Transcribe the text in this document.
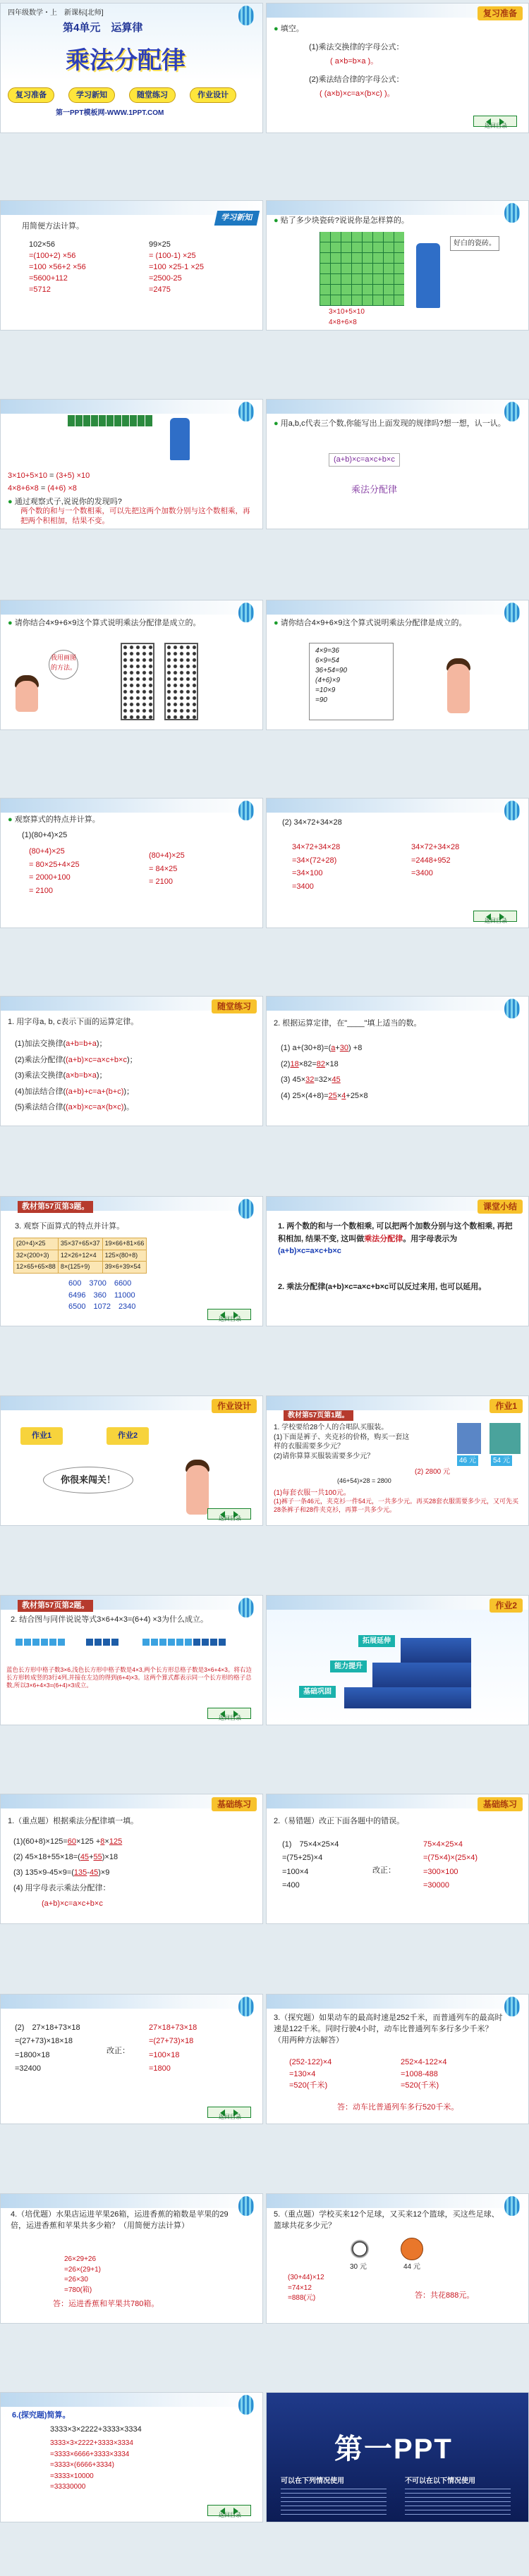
四年级数学・上　新课标[北师]
第4单元　运算律
乘法分配律
复习准备	学习新知	随堂练习	作业设计
第一PPT模板网-WWW.1PPT.COM
复习准备
● 填空。
(1)乘法交换律的字母公式：
( a×b=b×a )。
(2)乘法结合律的字母公式：
( (a×b)×c=a×(b×c) )。
返回目录
学习新知
用简便方法计算。
102×56
=(100+2) ×56
=100 ×56+2 ×56
=5600+112
=5712
99×25
= (100-1) ×25
=100 ×25-1 ×25
=2500-25
=2475
● 贴了多少块瓷砖?说说你是怎样算的。
好白的瓷砖。
3×10+5×10
4×8+6×8
3×10+5×10 = (3+5) ×10
4×8+6×8 = (4+6) ×8
● 通过观察式子,说说你的发现吗?
两个数的和与一个数相乘，可以先把这两个加数分别与这个数相乘，再把两个积相加，结果不变。
● 用a,b,c代表三个数,你能写出上面发现的规律吗?想一想，认一认。
(a+b)×c=a×c+b×c
乘法分配律
● 请你结合4×9+6×9这个算式说明乘法分配律是成立的。
我用画图的方法。
● 请你结合4×9+6×9这个算式说明乘法分配律是成立的。
4×9=36
6×9=54
36+54=90
(4+6)×9
=10×9
=90
● 观察算式的特点并计算。
(1)(80+4)×25
(80+4)×25
= 80×25+4×25
= 2000+100
= 2100
(80+4)×25
= 84×25
= 2100
(2) 34×72+34×28
34×72+34×28
=34×(72+28)
=34×100
=3400
34×72+34×28
=2448+952
=3400
返回目录
随堂练习
1. 用字母a, b, c表示下面的运算定律。
(1)加法交换律(a+b=b+a)；
(2)乘法分配律((a+b)×c=a×c+b×c)；
(3)乘法交换律(a×b=b×a)；
(4)加法结合律((a+b)+c=a+(b+c))；
(5)乘法结合律((a×b)×c=a×(b×c))。
2. 根据运算定律，在"____"填上适当的数。
(1) a+(30+8)=(a+30) +8
(2)18×82=82×18
(3) 45×32=32×45
(4) 25×(4+8)=25×4+25×8
教材第57页第3题。
3. 观察下面算式的特点并计算。
(20+4)×25	35×37+65×37	19×66+81×66
32×(200+3)	12×26+12×4	125×(80+8)
12×65+65×88	8×(125+9)	39×6+39×54
600　3700　6600
6496　360　11000
6500　1072　2340
返回目录
课堂小结
1. 两个数的和与一个数相乘, 可以把两个加数分别与这个数相乘, 再把积相加, 结果不变, 这叫做乘法分配律。用字母表示为(a+b)×c=a×c+b×c
2. 乘法分配律(a+b)×c=a×c+b×c可以反过来用, 也可以延用。
作业设计
作业1	作业2
你很来闯关！
返回目录
作业1
教材第57页第1题。
1. 学校要给28个人的合唱队买服装。
(1)下面是裤子、夹克衫的价格，购买一套这样的衣服需要多少元？
(2)请你算算买服装需要多少元？
46 元	54 元
(2) 2800 元
(46+54)×28 = 2800
(1)每套衣服一共100元。
(1)裤子一条46元，夹克衫一件54元，一共多少元。再买28套衣服需要多少元，又可先买28条裤子和28件夹克衫，再算一共多少元。
教材第57页第2题。
2. 结合图与同伴说说等式3×6+4×3=(6+4) ×3为什么成立。
蓝色长方形中格子数3×6,浅色长方形中格子数是4×3,两个长方形总格子数是3×6+4×3。将右边长方形转成竖的3行4列,并接在左边的得到(6+4)×3。这两个算式都表示同一个长方形的格子总数,所以3×6+4×3=(6+4)×3成立。
返回目录
作业2
基础巩固
能力提升
拓展延伸
基础练习
1.（重点题）根据乘法分配律填一填。
(1)(60+8)×125=60×125 +8×125
(2) 45×18+55×18=(45+55)×18
(3) 135×9-45×9=(135-45)×9
(4) 用字母表示乘法分配律：
(a+b)×c=a×c+b×c
基础练习
2.（易错题）改正下面各题中的错误。
(1)　75×4×25×4
=(75+25)×4
=100×4
=400
改正：
75×4×25×4
=(75×4)×(25×4)
=300×100
=30000
(2)　27×18+73×18
=(27+73)×18×18
=1800×18
=32400
改正：
27×18+73×18
=(27+73)×18
=100×18
=1800
返回目录
3.（探究题）如果动车的最高时速是252千米，而普通列车的最高时速是122千米。同时行驶4小时，动车比普通列车多行多少千米？（用两种方法解答）
(252-122)×4
=130×4
=520(千米)
252×4-122×4
=1008-488
=520(千米)
答：动车比普通列车多行520千米。
4.（培优题）水果店运进苹果26箱，运进香蕉的箱数是苹果的29倍，运进香蕉和苹果共多少箱？（用简便方法计算）
26×29+26
=26×(29+1)
=26×30
=780(箱)
答：运进香蕉和苹果共780箱。
5.（重点题）学校买来12个足球，又买来12个篮球，买这些足球、篮球共花多少元？
30 元	44 元
(30+44)×12
=74×12
=888(元)	答：共花888元。
6.(探究题)简算。
3333×3×2222+3333×3334
3333×3×2222+3333×3334
=3333×6666+3333×3334
=3333×(6666+3334)
=3333×10000
=33330000
返回目录
第一PPT
可以在下列情况使用	不可以在以下情况使用
